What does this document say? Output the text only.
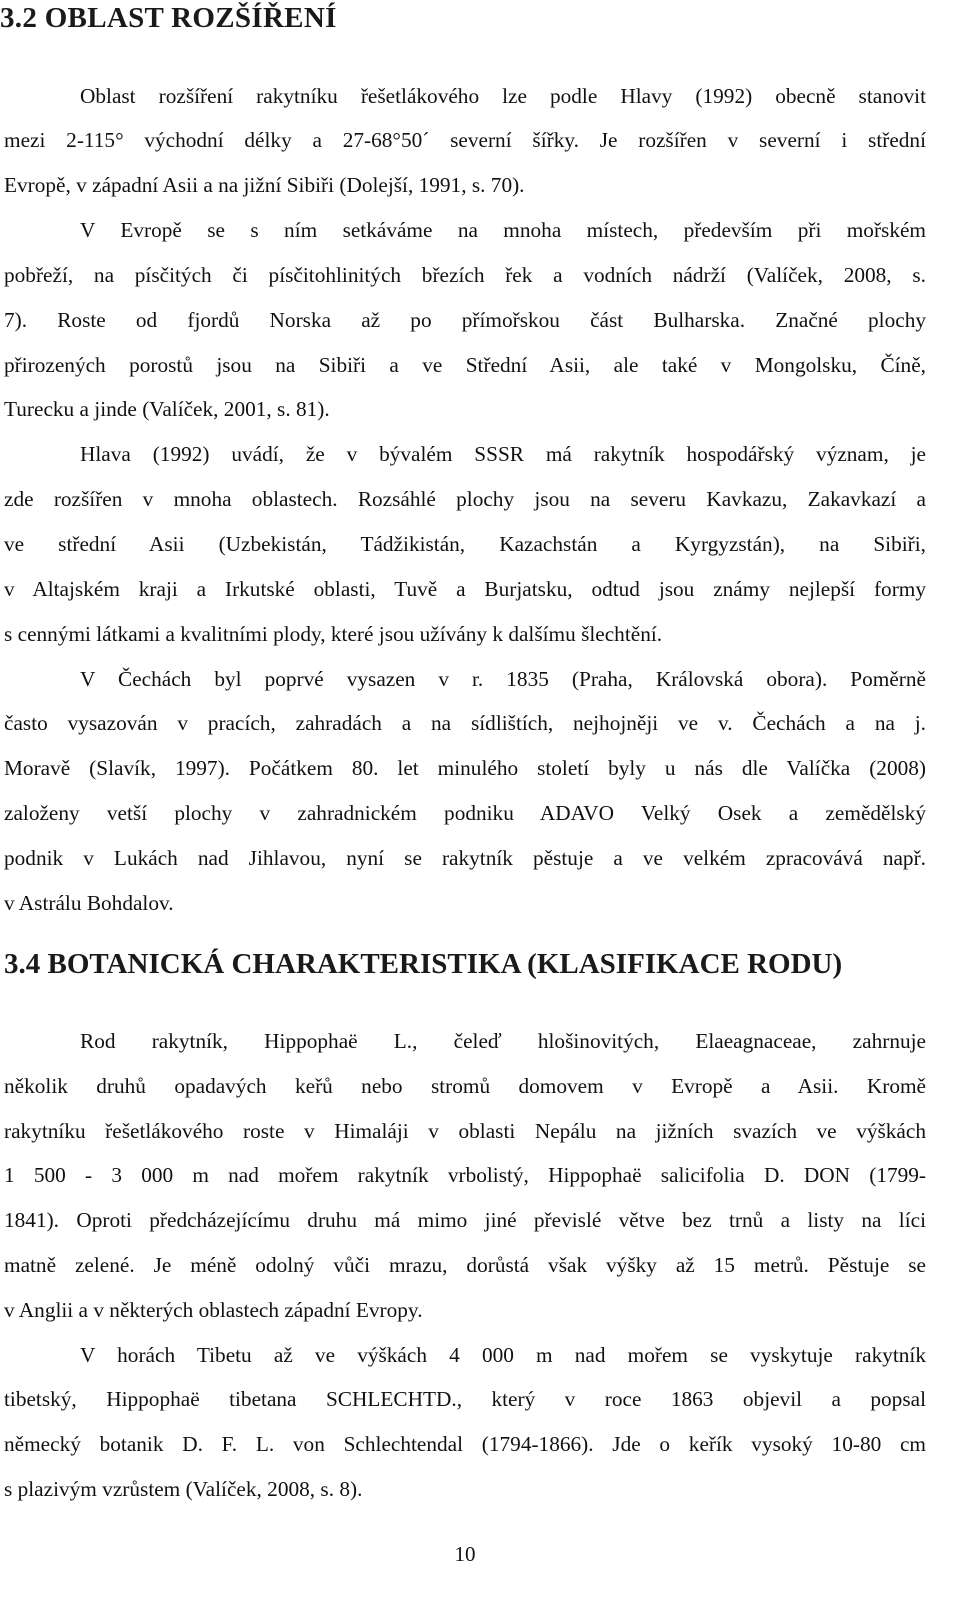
3.2 OBLAST ROZŠÍŘENÍ
Oblast rozšíření rakytníku řešetlákového lze podle Hlavy (1992) obecně stanovit
mezi 2-115° východní délky a 27-68°50´ severní šířky. Je rozšířen v severní i střední
Evropě, v západní Asii a na jižní Sibiři (Dolejší, 1991, s. 70).
V Evropě se s ním setkáváme na mnoha místech, především při mořském
pobřeží, na písčitých či písčitohlinitých březích řek a vodních nádrží (Valíček, 2008, s.
7). Roste od fjordů Norska až po přímořskou část Bulharska. Značné plochy
přirozených porostů jsou na Sibiři a ve Střední Asii, ale také v Mongolsku, Číně,
Turecku a jinde (Valíček, 2001, s. 81).
Hlava (1992) uvádí, že v bývalém SSSR má rakytník hospodářský význam, je
zde rozšířen v mnoha oblastech. Rozsáhlé plochy jsou na severu Kavkazu, Zakavkazí a
ve střední Asii (Uzbekistán, Tádžikistán, Kazachstán a Kyrgyzstán), na Sibiři,
v Altajském kraji a Irkutské oblasti, Tuvě a Burjatsku, odtud jsou známy nejlepší formy
s cennými látkami a kvalitními plody, které jsou užívány k dalšímu šlechtění.
V Čechách byl poprvé vysazen v r. 1835 (Praha, Královská obora). Poměrně
často vysazován v pracích, zahradách a na sídlištích, nejhojněji ve v. Čechách a na j.
Moravě (Slavík, 1997). Počátkem 80. let minulého století byly u nás dle Valíčka (2008)
založeny vetší plochy v zahradnickém podniku ADAVO Velký Osek a zemědělský
podnik v Lukách nad Jihlavou, nyní se rakytník pěstuje a ve velkém zpracovává např.
v Astrálu Bohdalov.
3.4 BOTANICKÁ CHARAKTERISTIKA (KLASIFIKACE RODU)
Rod rakytník, Hippophaë L., čeleď hlošinovitých, Elaeagnaceae, zahrnuje
několik druhů opadavých keřů nebo stromů domovem v Evropě a Asii. Kromě
rakytníku řešetlákového roste v Himaláji v oblasti Nepálu na jižních svazích ve výškách
1 500 - 3 000 m nad mořem rakytník vrbolistý, Hippophaë salicifolia D. DON (1799-
1841). Oproti předcházejícímu druhu má mimo jiné převislé větve bez trnů a listy na líci
matně zelené. Je méně odolný vůči mrazu, dorůstá však výšky až 15 metrů. Pěstuje se
v Anglii a v některých oblastech západní Evropy.
V horách Tibetu až ve výškách 4 000 m nad mořem se vyskytuje rakytník
tibetský, Hippophaë tibetana SCHLECHTD., který v roce 1863 objevil a popsal
německý botanik D. F. L. von Schlechtendal (1794-1866). Jde o keřík vysoký 10-80 cm
s plazivým vzrůstem (Valíček, 2008, s. 8).
10
